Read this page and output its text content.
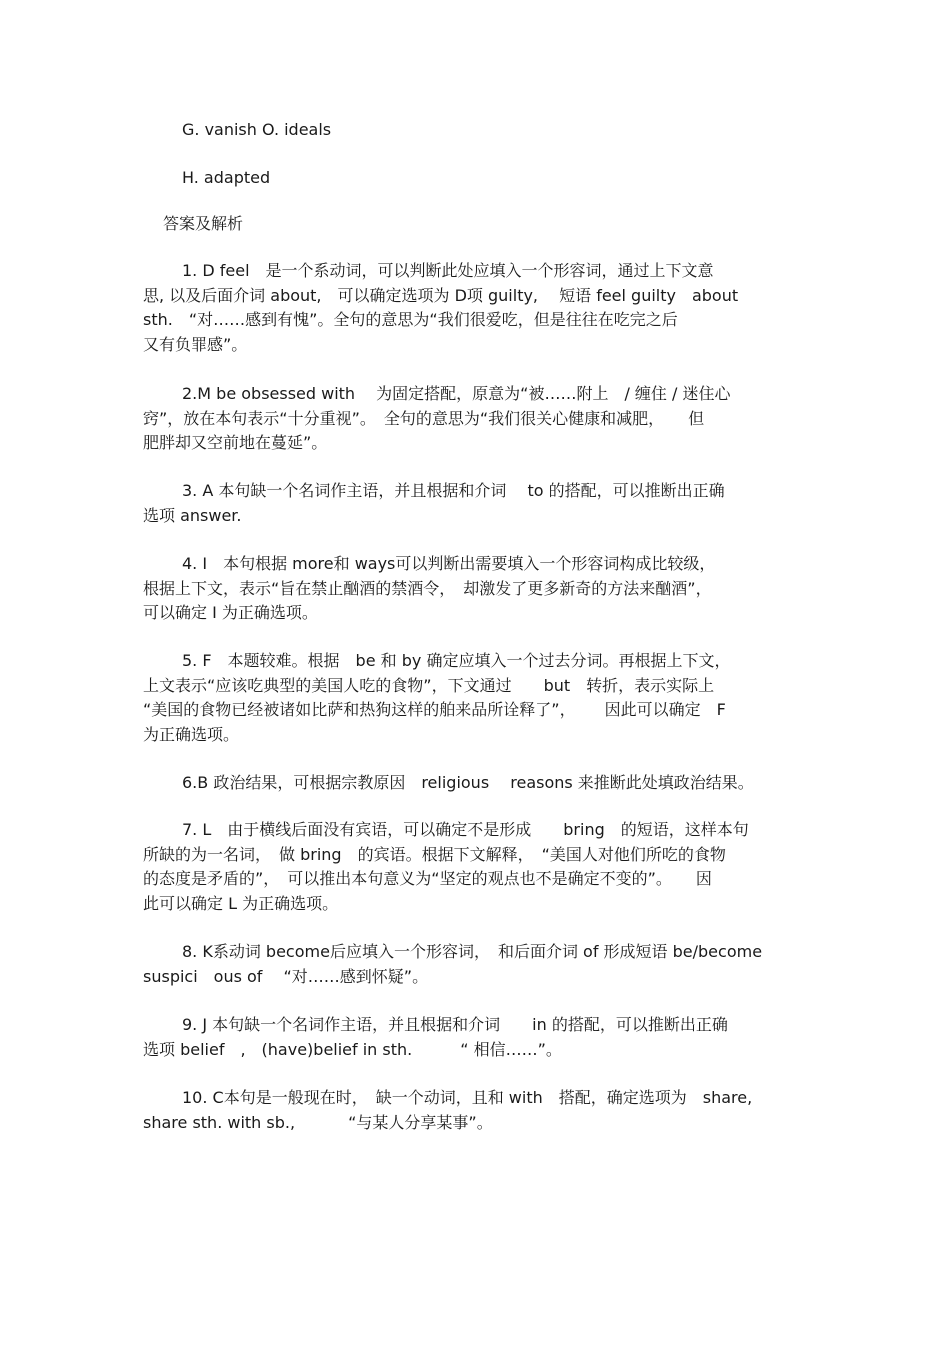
G. vanish O. ideals
H. adapted
答案及解析
1. D feel　是一个系动词，可以判断此处应填入一个形容词，通过上下文意
思, 以及后面介词 about,　可以确定选项为 D项 guilty,　 短语 feel guilty　about
sth.　“对……感到有愧”。全句的意思为“我们很爱吃，但是往往在吃完之后
又有负罪感”。
2.M be obsessed with　 为固定搭配，原意为“被……附上　/ 缠住 / 迷住心
窍”，放在本句表示“十分重视”。　全句的意思为“我们很关心健康和减肥，　　但
肥胖却又空前地在蔓延”。
3. A 本句缺一个名词作主语，并且根据和介词　 to 的搭配，可以推断出正确
选项 answer.
4. I　本句根据 more和 ways可以判断出需要填入一个形容词构成比较级，
根据上下文，表示“旨在禁止酗酒的禁酒令，　却激发了更多新奇的方法来酗酒”，
可以确定 I 为正确选项。
5. F　本题较难。根据　be 和 by 确定应填入一个过去分词。再根据上下文，
上文表示“应该吃典型的美国人吃的食物”，下文通过　　but　转折，表示实际上
“美国的食物已经被诸如比萨和热狗这样的舶来品所诠释了”，　　 因此可以确定　F
为正确选项。
6.B 政治结果，可根据宗教原因　religious　 reasons 来推断此处填政治结果。
7. L　由于横线后面没有宾语，可以确定不是形成　　bring　的短语，这样本句
所缺的为一名词，　做 bring　的宾语。根据下文解释，　“美国人对他们所吃的食物
的态度是矛盾的”，　可以推出本句意义为“坚定的观点也不是确定不变的”。　　因
此可以确定 L 为正确选项。
8. K系动词 become后应填入一个形容词，　和后面介词 of 形成短语 be/become
suspici　ous of　 “对……感到怀疑”。
9. J 本句缺一个名词作主语，并且根据和介词　　in 的搭配，可以推断出正确
选项 belief　,　(have)belief in sth.　　　“ 相信……”。
10. C本句是一般现在时，　缺一个动词，且和 with　搭配，确定选项为　share,
share sth. with sb.,　　　 “与某人分享某事”。
